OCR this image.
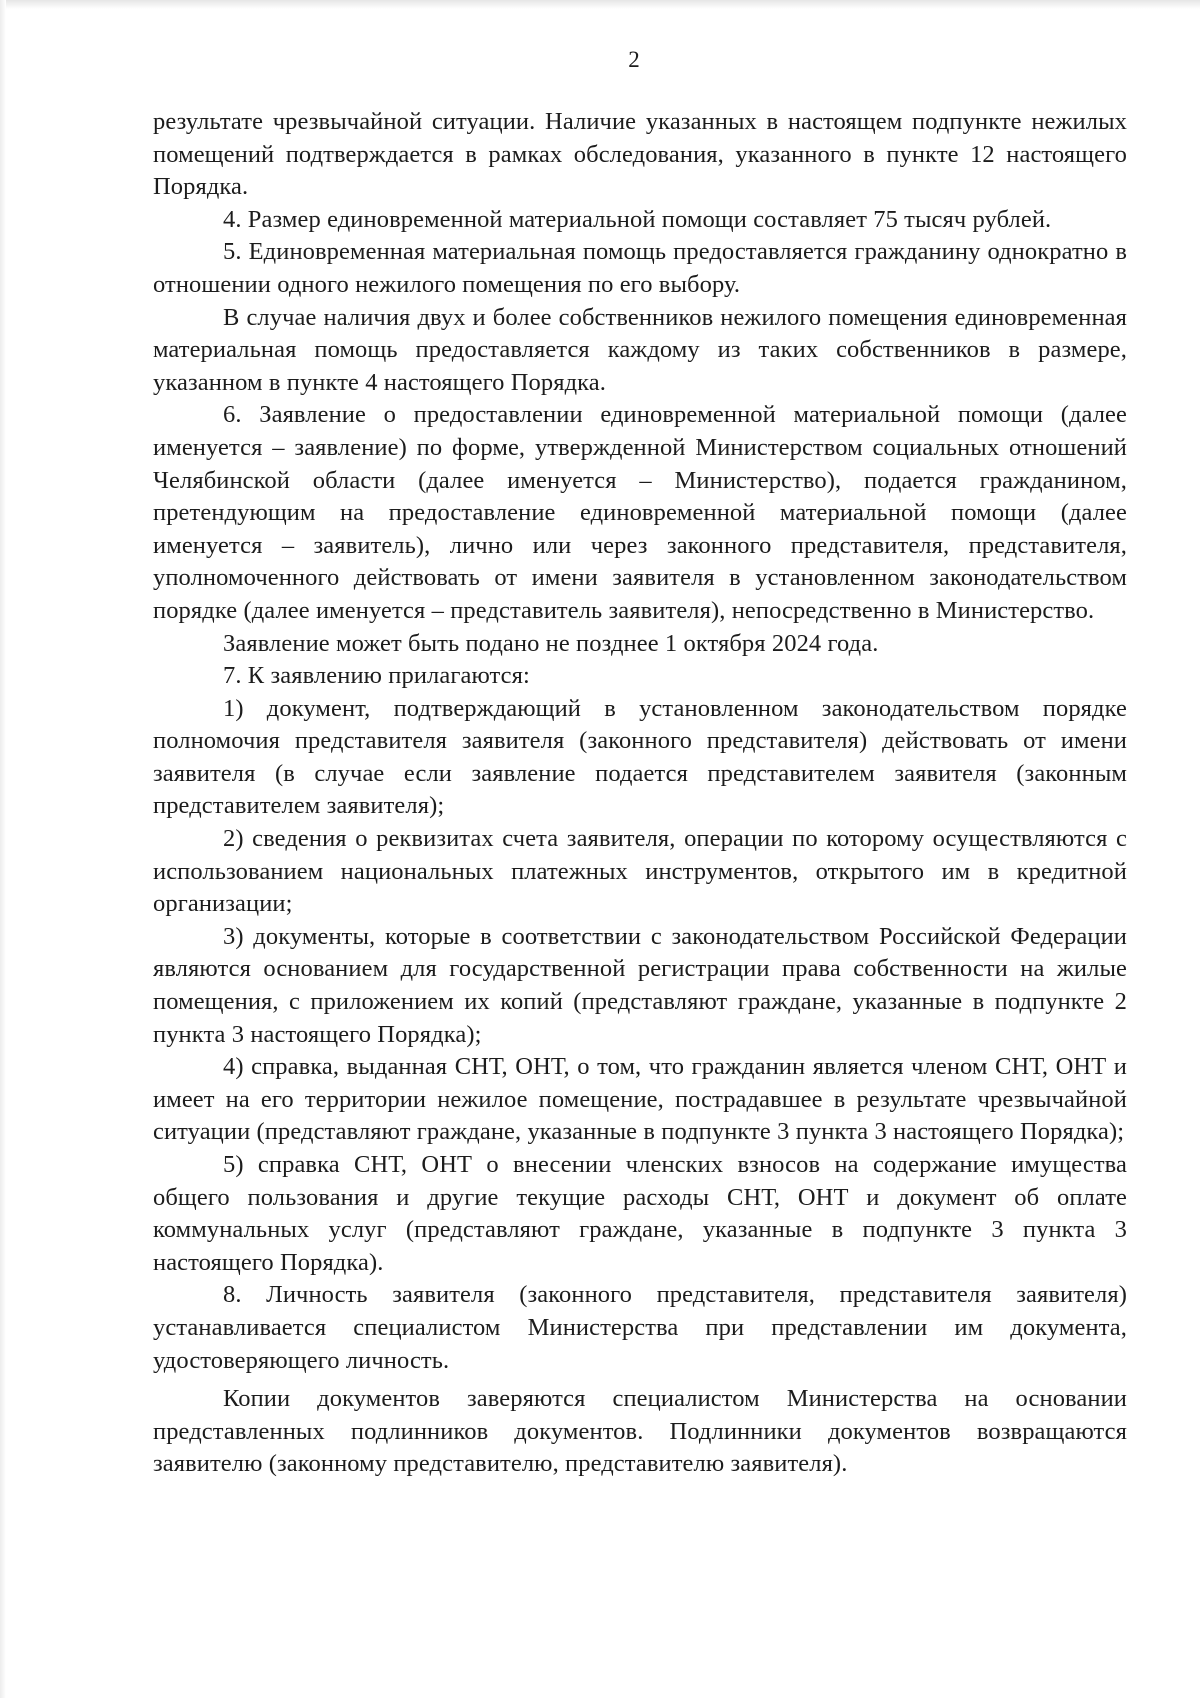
2

результате чрезвычайной ситуации. Наличие указанных в настоящем подпункте нежилых помещений подтверждается в рамках обследования, указанного в пункте 12 настоящего Порядка.

4. Размер единовременной материальной помощи составляет 75 тысяч рублей.

5. Единовременная материальная помощь предоставляется гражданину однократно в отношении одного нежилого помещения по его выбору.

В случае наличия двух и более собственников нежилого помещения единовременная материальная помощь предоставляется каждому из таких собственников в размере, указанном в пункте 4 настоящего Порядка.

6. Заявление о предоставлении единовременной материальной помощи (далее именуется – заявление) по форме, утвержденной Министерством социальных отношений Челябинской области (далее именуется – Министерство), подается гражданином, претендующим на предоставление единовременной материальной помощи (далее именуется – заявитель), лично или через законного представителя, представителя, уполномоченного действовать от имени заявителя в установленном законодательством порядке (далее именуется – представитель заявителя), непосредственно в Министерство.

Заявление может быть подано не позднее 1 октября 2024 года.

7. К заявлению прилагаются:

1) документ, подтверждающий в установленном законодательством порядке полномочия представителя заявителя (законного представителя) действовать от имени заявителя (в случае если заявление подается представителем заявителя (законным представителем заявителя);

2) сведения о реквизитах счета заявителя, операции по которому осуществляются с использованием национальных платежных инструментов, открытого им в кредитной организации;

3) документы, которые в соответствии с законодательством Российской Федерации являются основанием для государственной регистрации права собственности на жилые помещения, с приложением их копий (представляют граждане, указанные в подпункте 2 пункта 3 настоящего Порядка);

4) справка, выданная СНТ, ОНТ, о том, что гражданин является членом СНТ, ОНТ и имеет на его территории нежилое помещение, пострадавшее в результате чрезвычайной ситуации (представляют граждане, указанные в подпункте 3 пункта 3 настоящего Порядка);

5) справка СНТ, ОНТ о внесении членских взносов на содержание имущества общего пользования и другие текущие расходы СНТ, ОНТ и документ об оплате коммунальных услуг (представляют граждане, указанные в подпункте 3 пункта 3 настоящего Порядка).

8. Личность заявителя (законного представителя, представителя заявителя) устанавливается специалистом Министерства при представлении им документа, удостоверяющего личность.

Копии документов заверяются специалистом Министерства на основании представленных подлинников документов. Подлинники документов возвращаются заявителю (законному представителю, представителю заявителя).
